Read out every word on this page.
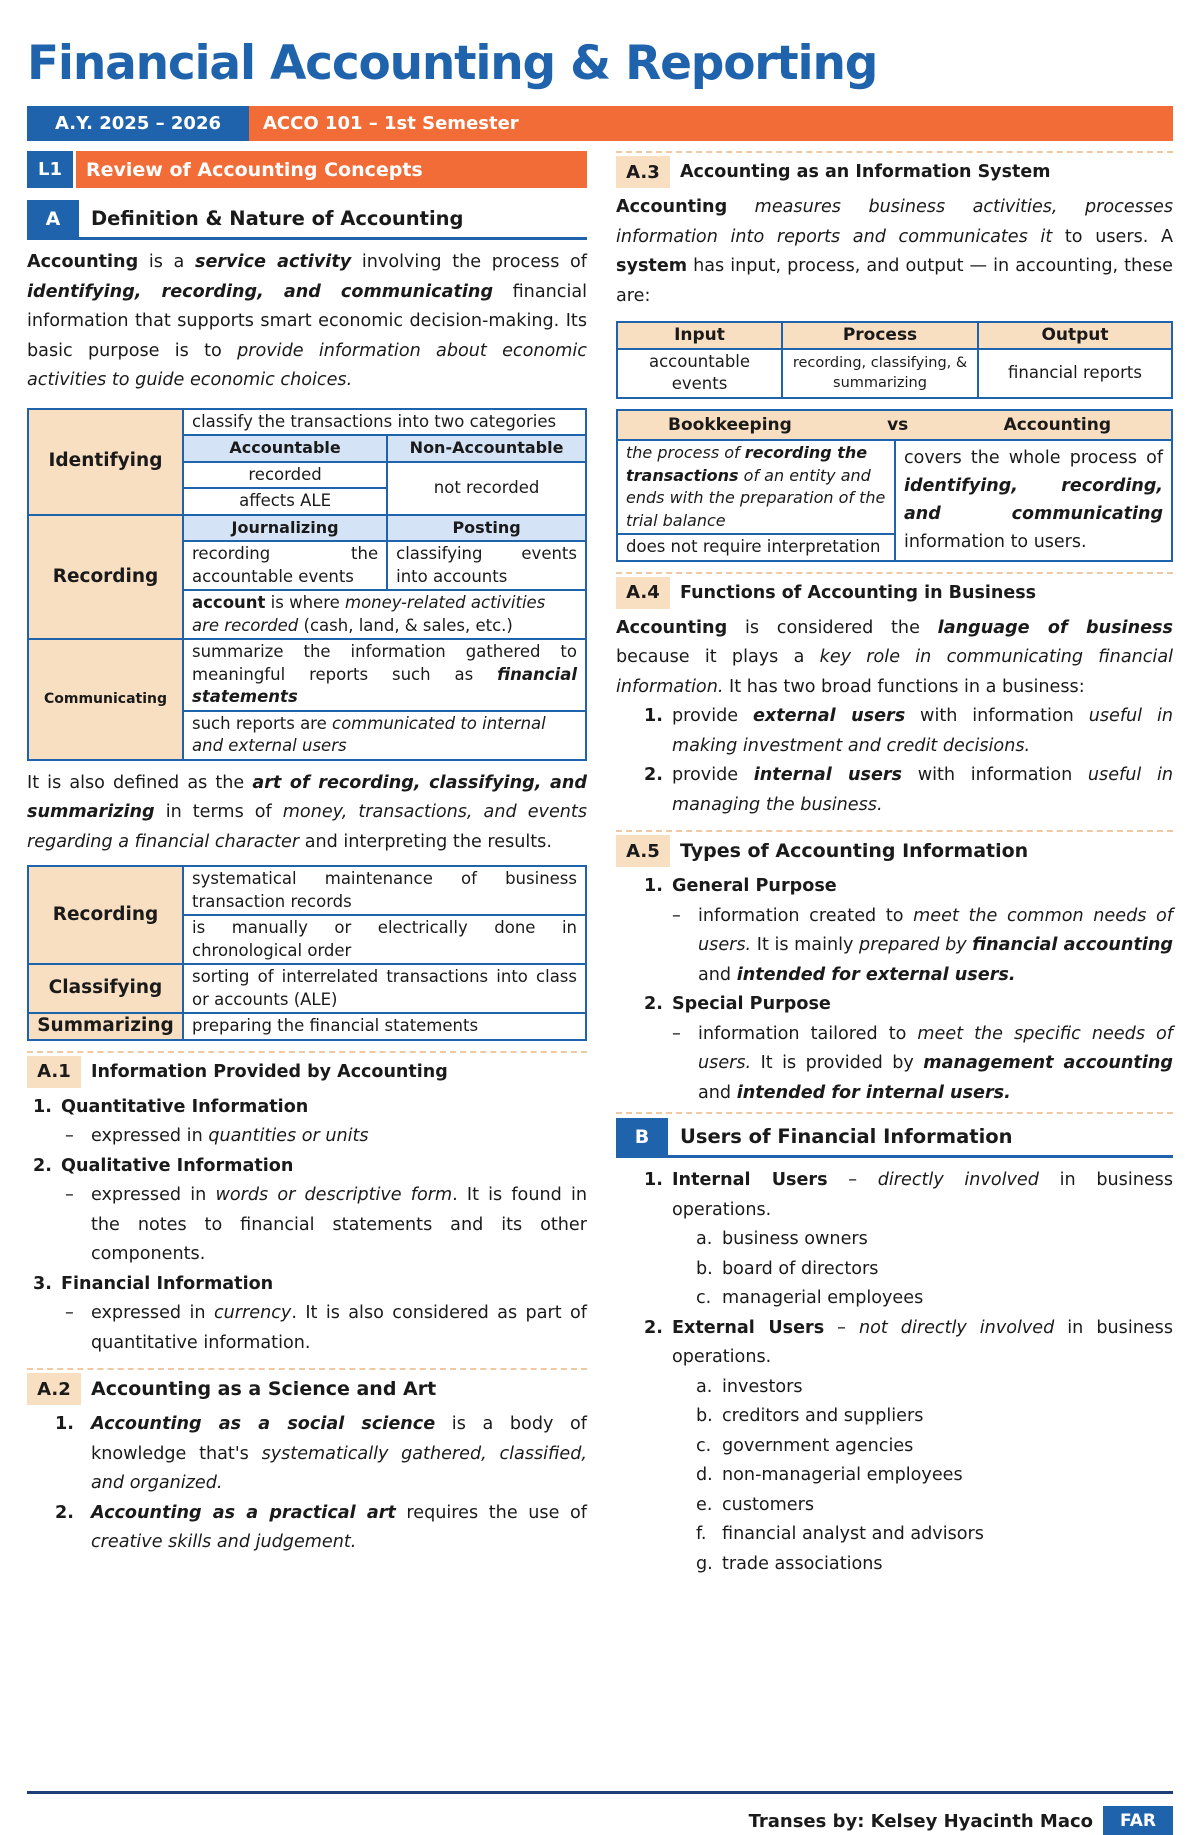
Financial Accounting & Reporting
A.Y. 2025 – 2026	ACCO 101 – 1st Semester
L1	Review of Accounting Concepts
A	Definition & Nature of Accounting

Accounting is a service activity involving the process of identifying, recording, and communicating financial information that supports smart economic decision-making. Its basic purpose is to provide information about economic activities to guide economic choices.

Identifying	classify the transactions into two categories	
	Accountable	Non-Accountable
	recorded	not recorded
	affects ALE	
Recording	Journalizing	Posting
	recording the accountable events	classifying events into accounts
	account is where money-related activities are recorded (cash, land, & sales, etc.)	
Communicating	summarize the information gathered to meaningful reports such as financial statements	
	such reports are communicated to internal and external users	

It is also defined as the art of recording, classifying, and summarizing in terms of money, transactions, and events regarding a financial character and interpreting the results.

Recording	systematical maintenance of business transaction records
	is manually or electrically done in chronological order
Classifying	sorting of interrelated transactions into class or accounts (ALE)
Summarizing	preparing the financial statements
A.1	Information Provided by Accounting
1. Quantitative Information
– expressed in quantities or units
2. Qualitative Information
– expressed in words or descriptive form. It is found in the notes to financial statements and its other components.
3. Financial Information
– expressed in currency. It is also considered as part of quantitative information.
A.2	Accounting as a Science and Art
1. Accounting as a social science is a body of knowledge that's systematically gathered, classified, and organized.
2. Accounting as a practical art requires the use of creative skills and judgement.
A.3	Accounting as an Information System

Accounting measures business activities, processes information into reports and communicates it to users. A system has input, process, and output — in accounting, these are:

Input	Process	Output
accountable events	recording, classifying, & summarizing	financial reports
Bookkeeping	vs	Accounting

the process of recording the transactions of an entity and ends with the preparation of the trial balance	covers the whole process of identifying, recording, and communicating information to users.
does not require interpretation
A.4	Functions of Accounting in Business

Accounting is considered the language of business because it plays a key role in communicating financial information. It has two broad functions in a business:

1. provide external users with information useful in making investment and credit decisions.
2. provide internal users with information useful in managing the business.
A.5	Types of Accounting Information
1. General Purpose
– information created to meet the common needs of users. It is mainly prepared by financial accounting and intended for external users.
2. Special Purpose
– information tailored to meet the specific needs of users. It is provided by management accounting and intended for internal users.
B	Users of Financial Information
1. Internal Users – directly involved in business operations.
a. business owners
b. board of directors
c. managerial employees
2. External Users – not directly involved in business operations.
a. investors
b. creditors and suppliers
c. government agencies
d. non-managerial employees
e. customers
f. financial analyst and advisors
g. trade associations
Transes by: Kelsey Hyacinth Maco	FAR
